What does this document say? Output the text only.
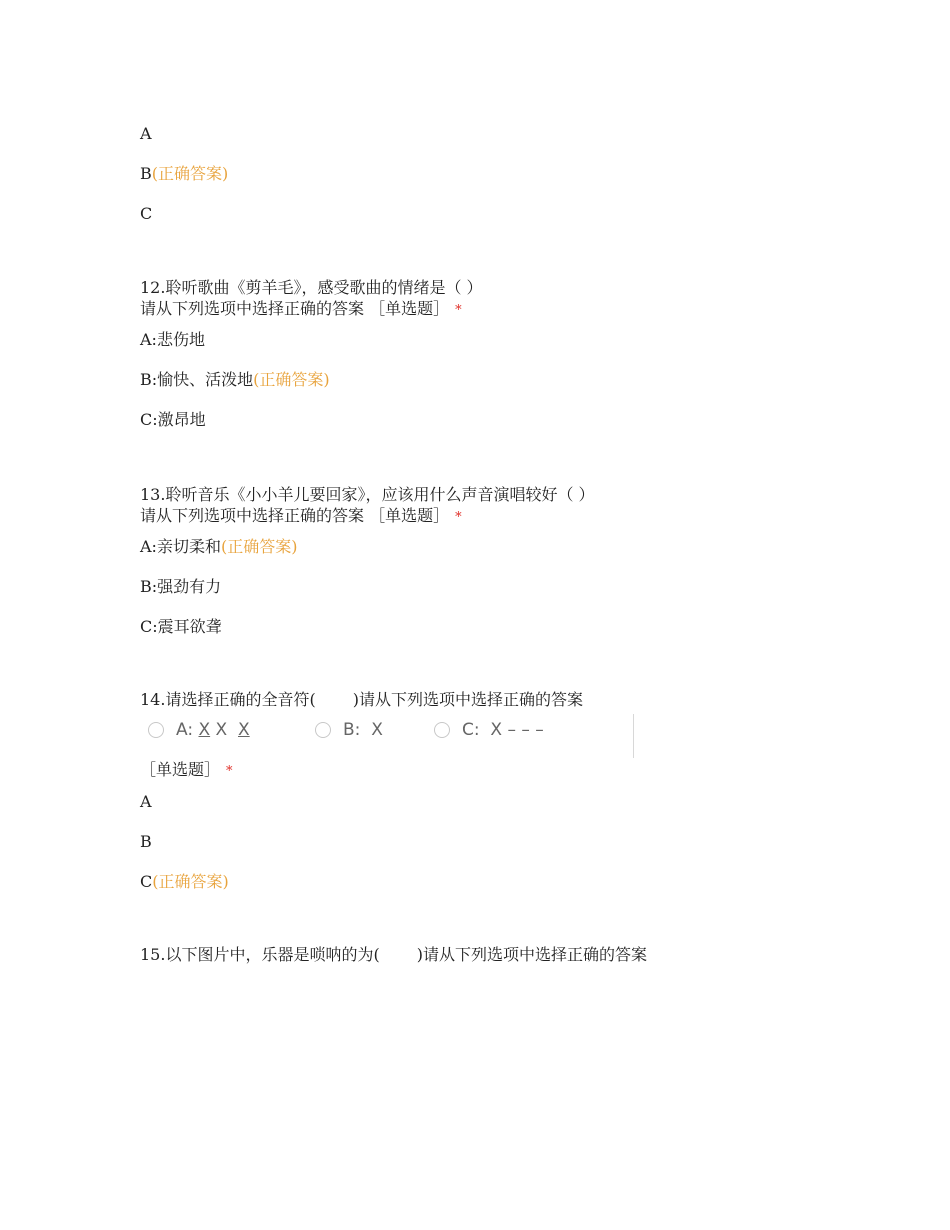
A
B(正确答案)
C
12.聆听歌曲《剪羊毛》，感受歌曲的情绪是（ ）
请从下列选项中选择正确的答案 ［单选题］ *
A:悲伤地
B:愉快、活泼地(正确答案)
C:激昂地
13.聆听音乐《小小羊儿要回家》，应该用什么声音演唱较好（ ）
请从下列选项中选择正确的答案 ［单选题］ *
A:亲切柔和(正确答案)
B:强劲有力
C:震耳欲聋
14.请选择正确的全音符(　　 )请从下列选项中选择正确的答案
A:
X
X
X	B:  X	C:  X – – –
［单选题］ *
A
B
C(正确答案)
15.以下图片中，乐器是唢呐的为(　　 )请从下列选项中选择正确的答案
